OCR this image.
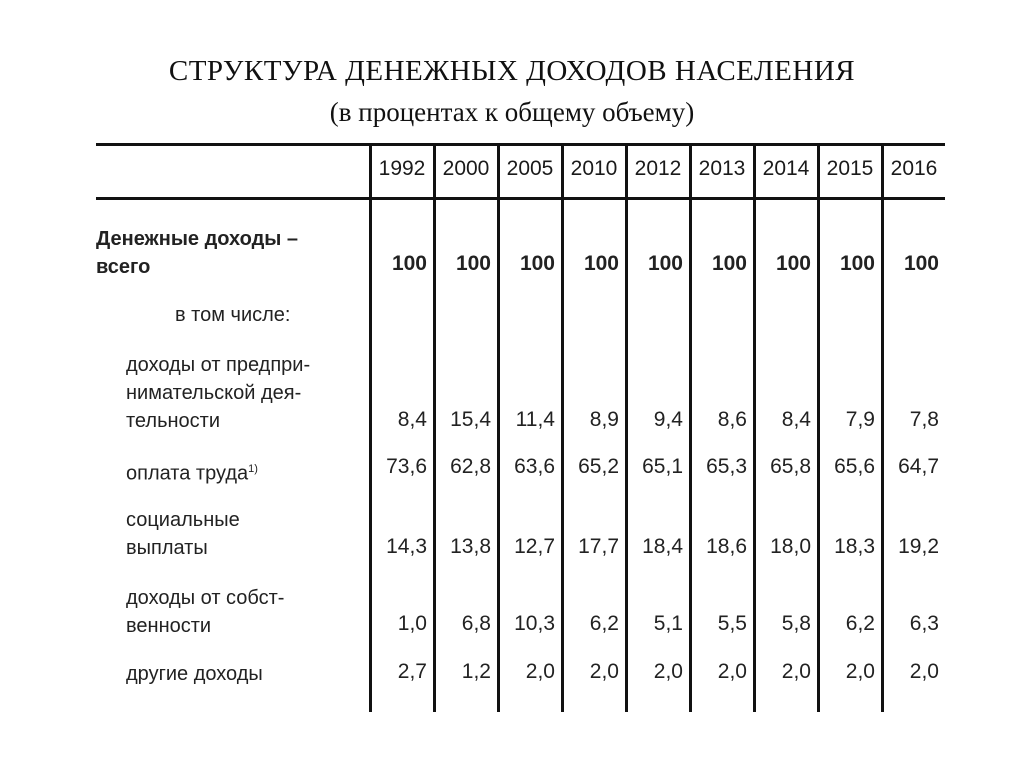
СТРУКТУРА ДЕНЕЖНЫХ ДОХОДОВ НАСЕЛЕНИЯ
(в процентах к общему объему)
1992 2000 2005 2010 2012 2013 2014 2015 2016
Денежные доходы –
всего	100	100	100	100	100	100	100	100	100
в том числе:
доходы от предпри-
нимательской дея-
тельности	8,4	15,4	11,4	8,9	9,4	8,6	8,4	7,9	7,8
оплата труда$^{1)}$	73,6	62,8	63,6	65,2	65,1	65,3	65,8	65,6	64,7
социальные
выплаты	14,3	13,8	12,7	17,7	18,4	18,6	18,0	18,3	19,2
доходы от собст-
венности	1,0	6,8	10,3	6,2	5,1	5,5	5,8	6,2	6,3
другие доходы	2,7	1,2	2,0	2,0	2,0	2,0	2,0	2,0	2,0
